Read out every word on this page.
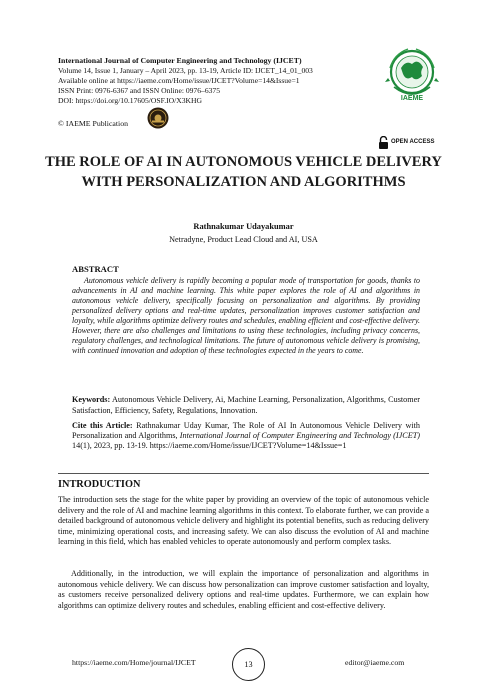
International Journal of Computer Engineering and Technology (IJCET)
Volume 14, Issue 1, January – April 2023, pp. 13-19, Article ID: IJCET_14_01_003
Available online at https://iaeme.com/Home/issue/IJCET?Volume=14&Issue=1
ISSN Print: 0976-6367 and ISSN Online: 0976–6375
DOI: https://doi.org/10.17605/OSF.IO/X3KHG
© IAEME Publication
IAEME
OPEN ACCESS
THE ROLE OF AI IN AUTONOMOUS VEHICLE DELIVERY WITH PERSONALIZATION AND ALGORITHMS
Rathnakumar Udayakumar
Netradyne, Product Lead Cloud and AI, USA
ABSTRACT
Autonomous vehicle delivery is rapidly becoming a popular mode of transportation for goods, thanks to advancements in AI and machine learning. This white paper explores the role of AI and algorithms in autonomous vehicle delivery, specifically focusing on personalization and algorithms. By providing personalized delivery options and real-time updates, personalization improves customer satisfaction and loyalty, while algorithms optimize delivery routes and schedules, enabling efficient and cost-effective delivery. However, there are also challenges and limitations to using these technologies, including privacy concerns, regulatory challenges, and technological limitations. The future of autonomous vehicle delivery is promising, with continued innovation and adoption of these technologies expected in the years to come.
Keywords: Autonomous Vehicle Delivery, Ai, Machine Learning, Personalization, Algorithms, Customer Satisfaction, Efficiency, Safety, Regulations, Innovation.
Cite this Article: Rathnakumar Uday Kumar, The Role of AI In Autonomous Vehicle Delivery with Personalization and Algorithms, International Journal of Computer Engineering and Technology (IJCET) 14(1), 2023, pp. 13-19. https://iaeme.com/Home/issue/IJCET?Volume=14&Issue=1
INTRODUCTION
The introduction sets the stage for the white paper by providing an overview of the topic of autonomous vehicle delivery and the role of AI and machine learning algorithms in this context. To elaborate further, we can provide a detailed background of autonomous vehicle delivery and highlight its potential benefits, such as reducing delivery time, minimizing operational costs, and increasing safety. We can also discuss the evolution of AI and machine learning in this field, which has enabled vehicles to operate autonomously and perform complex tasks.
Additionally, in the introduction, we will explain the importance of personalization and algorithms in autonomous vehicle delivery. We can discuss how personalization can improve customer satisfaction and loyalty, as customers receive personalized delivery options and real-time updates. Furthermore, we can explain how algorithms can optimize delivery routes and schedules, enabling efficient and cost-effective delivery.
https://iaeme.com/Home/journal/IJCET	13	editor@iaeme.com
